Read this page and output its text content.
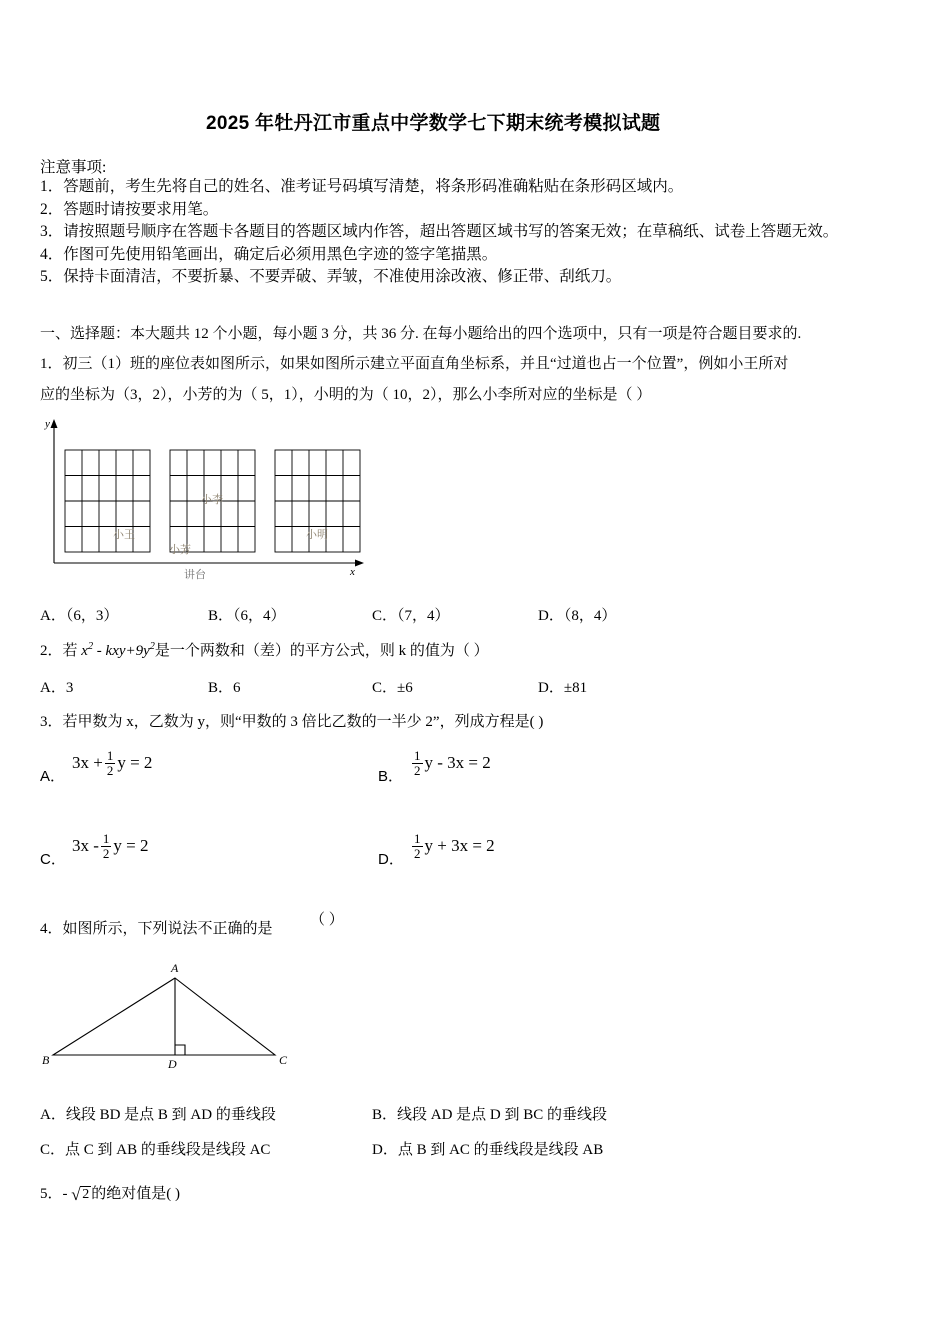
2025 年牡丹江市重点中学数学七下期末统考模拟试题
注意事项:
1．答题前，考生先将自己的姓名、准考证号码填写清楚，将条形码准确粘贴在条形码区域内。
2．答题时请按要求用笔。
3．请按照题号顺序在答题卡各题目的答题区域内作答，超出答题区域书写的答案无效；在草稿纸、试卷上答题无效。
4．作图可先使用铅笔画出，确定后必须用黑色字迹的签字笔描黑。
5．保持卡面清洁，不要折暴、不要弄破、弄皱，不准使用涂改液、修正带、刮纸刀。
一、选择题：本大题共 12 个小题，每小题 3 分，共 36 分. 在每小题给出的四个选项中，只有一项是符合题目要求的.
1．初三（1）班的座位表如图所示，如果如图所示建立平面直角坐标系，并且“过道也占一个位置”，例如小王所对
应的坐标为（3，2），小芳的为（ 5，1），小明的为（ 10，2），那么小李所对应的坐标是（ ）
y
x
小李
小王
小芳
小明
讲台
A．（6，3）	B．（6，4）	C．（7，4）	D．（8，4）
2．若 $x^2 - kxy+9y^2$是一个两数和（差）的平方公式，则 k 的值为（ ）
A．3	B．6	C．±6	D．±81
3．若甲数为 x，乙数为 y，则“甲数的 3 倍比乙数的一半少 2”，列成方程是( )
A．
$3x + \frac{1}{2}$ y = 2
B． $\frac{1}{2}$ y - 3x = 2
C．
$3x - \frac{1}{2}$ y = 2
D． $\frac{1}{2}$ y + 3x = 2
4．如图所示，下列说法不正确的是
（ ）
A
B	D	C
A．线段 BD 是点 B 到 AD 的垂线段	B．线段 AD 是点 D 到 BC 的垂线段
C．点 C 到 AB 的垂线段是线段 AC	D．点 B 到 AC 的垂线段是线段 AB
5．- √ 2 的绝对值是( )
